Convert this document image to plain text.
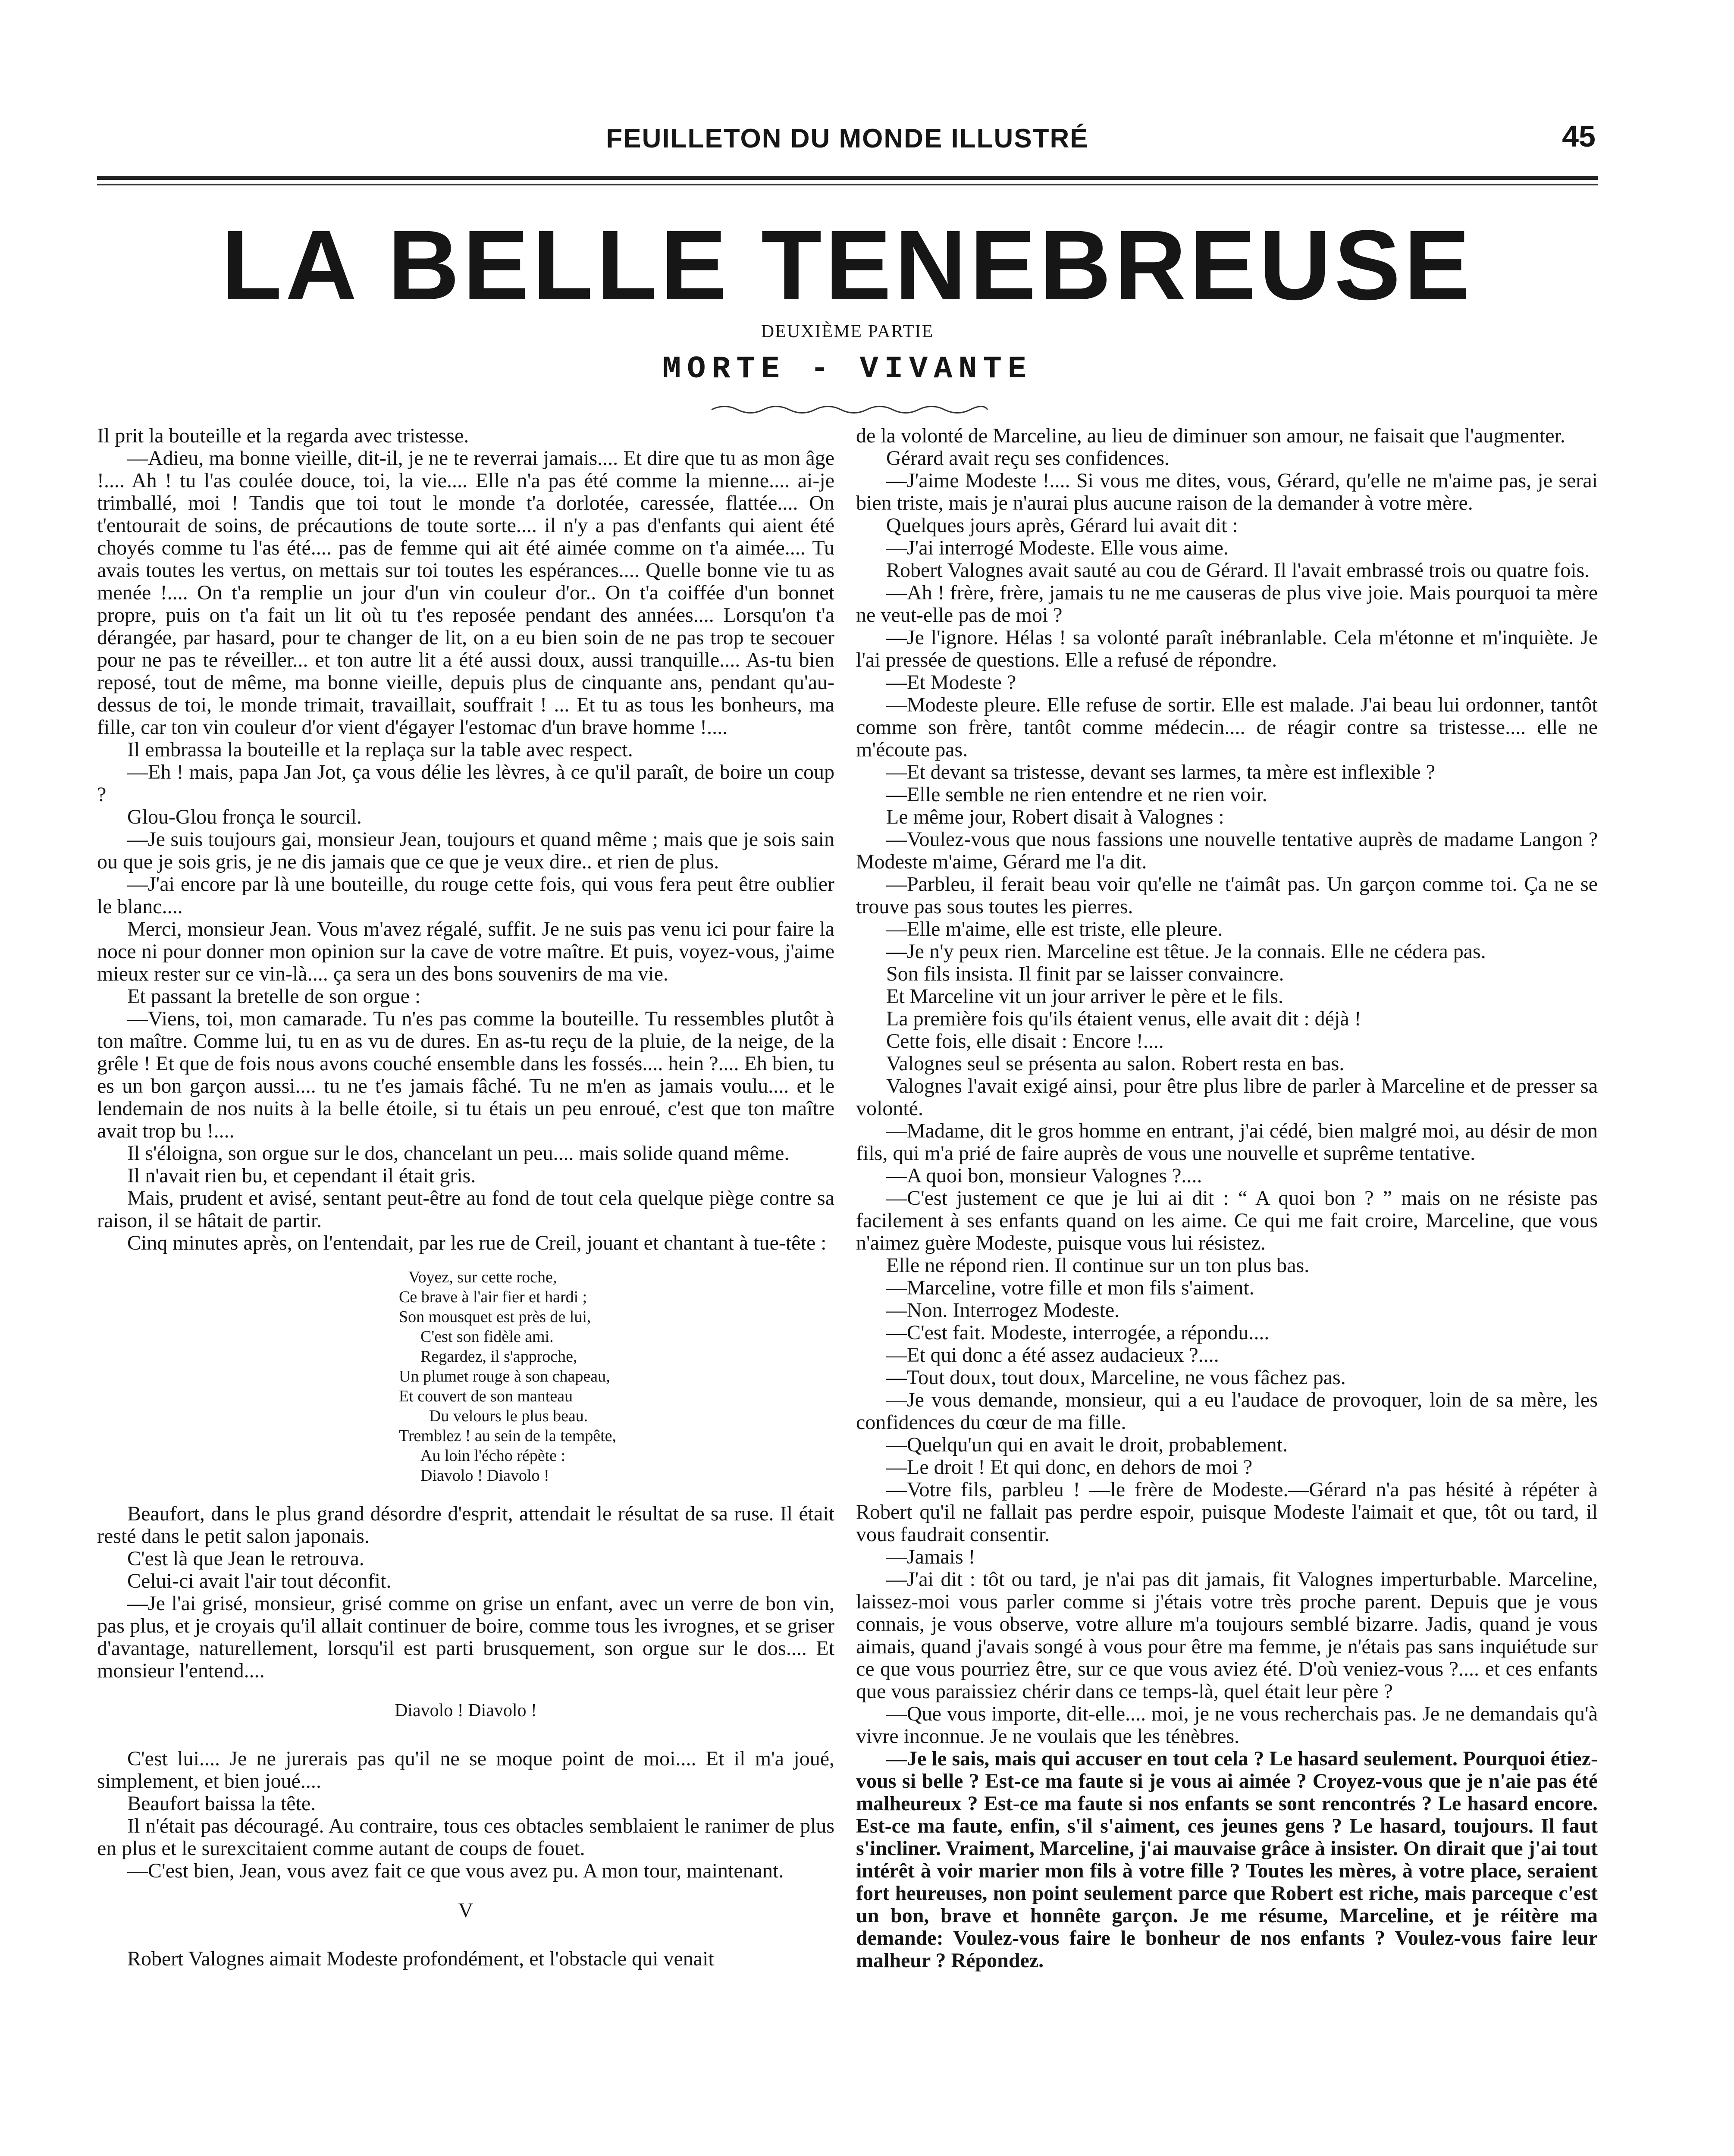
FEUILLETON DU MONDE ILLUSTRÉ	45
LA BELLE TENEBREUSE
DEUXIÈME PARTIE
MORTE - VIVANTE

Il prit la bouteille et la regarda avec tristesse.

—Adieu, ma bonne vieille, dit-il, je ne te reverrai jamais.... Et dire que tu as mon âge !.... Ah ! tu l'as coulée douce, toi, la vie.... Elle n'a pas été comme la mienne.... ai-je trimballé, moi ! Tandis que toi tout le monde t'a dorlotée, caressée, flattée.... On t'entourait de soins, de précautions de toute sorte.... il n'y a pas d'enfants qui aient été choyés comme tu l'as été.... pas de femme qui ait été aimée comme on t'a aimée.... Tu avais toutes les vertus, on mettais sur toi toutes les espérances.... Quelle bonne vie tu as menée !.... On t'a remplie un jour d'un vin couleur d'or.. On t'a coiffée d'un bonnet propre, puis on t'a fait un lit où tu t'es reposée pendant des années.... Lorsqu'on t'a dérangée, par hasard, pour te changer de lit, on a eu bien soin de ne pas trop te secouer pour ne pas te réveiller... et ton autre lit a été aussi doux, aussi tranquille.... As-tu bien reposé, tout de même, ma bonne vieille, depuis plus de cinquante ans, pendant qu'au-dessus de toi, le monde trimait, travaillait, souffrait ! ... Et tu as tous les bonheurs, ma fille, car ton vin couleur d'or vient d'égayer l'estomac d'un brave homme !....

Il embrassa la bouteille et la replaça sur la table avec respect.

—Eh ! mais, papa Jan Jot, ça vous délie les lèvres, à ce qu'il paraît, de boire un coup ?

Glou-Glou fronça le sourcil.

—Je suis toujours gai, monsieur Jean, toujours et quand même ; mais que je sois sain ou que je sois gris, je ne dis jamais que ce que je veux dire.. et rien de plus.

—J'ai encore par là une bouteille, du rouge cette fois, qui vous fera peut être oublier le blanc....

Merci, monsieur Jean. Vous m'avez régalé, suffit. Je ne suis pas venu ici pour faire la noce ni pour donner mon opinion sur la cave de votre maître. Et puis, voyez-vous, j'aime mieux rester sur ce vin-là.... ça sera un des bons souvenirs de ma vie.

Et passant la bretelle de son orgue :

—Viens, toi, mon camarade. Tu n'es pas comme la bouteille. Tu ressembles plutôt à ton maître. Comme lui, tu en as vu de dures. En as-tu reçu de la pluie, de la neige, de la grêle ! Et que de fois nous avons couché ensemble dans les fossés.... hein ?.... Eh bien, tu es un bon garçon aussi.... tu ne t'es jamais fâché. Tu ne m'en as jamais voulu.... et le lendemain de nos nuits à la belle étoile, si tu étais un peu enroué, c'est que ton maître avait trop bu !....

Il s'éloigna, son orgue sur le dos, chancelant un peu.... mais solide quand même.

Il n'avait rien bu, et cependant il était gris.

Mais, prudent et avisé, sentant peut-être au fond de tout cela quelque piège contre sa raison, il se hâtait de partir.

Cinq minutes après, on l'entendait, par les rue de Creil, jouant et chantant à tue-tête :

Voyez, sur cette roche,
Ce brave à l'air fier et hardi ;
Son mousquet est près de lui,
C'est son fidèle ami.
Regardez, il s'approche,
Un plumet rouge à son chapeau,
Et couvert de son manteau
Du velours le plus beau.
Tremblez ! au sein de la tempête,
Au loin l'écho répète :
Diavolo ! Diavolo !

Beaufort, dans le plus grand désordre d'esprit, attendait le résultat de sa ruse. Il était resté dans le petit salon japonais.

C'est là que Jean le retrouva.

Celui-ci avait l'air tout déconfit.

—Je l'ai grisé, monsieur, grisé comme on grise un enfant, avec un verre de bon vin, pas plus, et je croyais qu'il allait continuer de boire, comme tous les ivrognes, et se griser d'avantage, naturellement, lorsqu'il est parti brusquement, son orgue sur le dos.... Et monsieur l'entend....

Diavolo ! Diavolo !

C'est lui.... Je ne jurerais pas qu'il ne se moque point de moi.... Et il m'a joué, simplement, et bien joué....

Beaufort baissa la tête.

Il n'était pas découragé. Au contraire, tous ces obtacles semblaient le ranimer de plus en plus et le surexcitaient comme autant de coups de fouet.

—C'est bien, Jean, vous avez fait ce que vous avez pu. A mon tour, maintenant.

V

Robert Valognes aimait Modeste profondément, et l'obstacle qui venait

de la volonté de Marceline, au lieu de diminuer son amour, ne faisait que l'augmenter.

Gérard avait reçu ses confidences.

—J'aime Modeste !.... Si vous me dites, vous, Gérard, qu'elle ne m'aime pas, je serai bien triste, mais je n'aurai plus aucune raison de la demander à votre mère.

Quelques jours après, Gérard lui avait dit :

—J'ai interrogé Modeste. Elle vous aime.

Robert Valognes avait sauté au cou de Gérard. Il l'avait embrassé trois ou quatre fois.

—Ah ! frère, frère, jamais tu ne me causeras de plus vive joie. Mais pourquoi ta mère ne veut-elle pas de moi ?

—Je l'ignore. Hélas ! sa volonté paraît inébranlable. Cela m'étonne et m'inquiète. Je l'ai pressée de questions. Elle a refusé de répondre.

—Et Modeste ?

—Modeste pleure. Elle refuse de sortir. Elle est malade. J'ai beau lui ordonner, tantôt comme son frère, tantôt comme médecin.... de réagir contre sa tristesse.... elle ne m'écoute pas.

—Et devant sa tristesse, devant ses larmes, ta mère est inflexible ?

—Elle semble ne rien entendre et ne rien voir.

Le même jour, Robert disait à Valognes :

—Voulez-vous que nous fassions une nouvelle tentative auprès de madame Langon ? Modeste m'aime, Gérard me l'a dit.

—Parbleu, il ferait beau voir qu'elle ne t'aimât pas. Un garçon comme toi. Ça ne se trouve pas sous toutes les pierres.

—Elle m'aime, elle est triste, elle pleure.

—Je n'y peux rien. Marceline est têtue. Je la connais. Elle ne cédera pas.

Son fils insista. Il finit par se laisser convaincre.

Et Marceline vit un jour arriver le père et le fils.

La première fois qu'ils étaient venus, elle avait dit : déjà !

Cette fois, elle disait : Encore !....

Valognes seul se présenta au salon. Robert resta en bas.

Valognes l'avait exigé ainsi, pour être plus libre de parler à Marceline et de presser sa volonté.

—Madame, dit le gros homme en entrant, j'ai cédé, bien malgré moi, au désir de mon fils, qui m'a prié de faire auprès de vous une nouvelle et suprême tentative.

—A quoi bon, monsieur Valognes ?....

—C'est justement ce que je lui ai dit : “ A quoi bon ? ” mais on ne résiste pas facilement à ses enfants quand on les aime. Ce qui me fait croire, Marceline, que vous n'aimez guère Modeste, puisque vous lui résistez.

Elle ne répond rien. Il continue sur un ton plus bas.

—Marceline, votre fille et mon fils s'aiment.

—Non. Interrogez Modeste.

—C'est fait. Modeste, interrogée, a répondu....

—Et qui donc a été assez audacieux ?....

—Tout doux, tout doux, Marceline, ne vous fâchez pas.

—Je vous demande, monsieur, qui a eu l'audace de provoquer, loin de sa mère, les confidences du cœur de ma fille.

—Quelqu'un qui en avait le droit, probablement.

—Le droit ! Et qui donc, en dehors de moi ?

—Votre fils, parbleu ! —le frère de Modeste.—Gérard n'a pas hésité à répéter à Robert qu'il ne fallait pas perdre espoir, puisque Modeste l'aimait et que, tôt ou tard, il vous faudrait consentir.

—Jamais !

—J'ai dit : tôt ou tard, je n'ai pas dit jamais, fit Valognes imperturbable. Marceline, laissez-moi vous parler comme si j'étais votre très proche parent. Depuis que je vous connais, je vous observe, votre allure m'a toujours semblé bizarre. Jadis, quand je vous aimais, quand j'avais songé à vous pour être ma femme, je n'étais pas sans inquiétude sur ce que vous pourriez être, sur ce que vous aviez été. D'où veniez-vous ?.... et ces enfants que vous paraissiez chérir dans ce temps-là, quel était leur père ?

—Que vous importe, dit-elle.... moi, je ne vous recherchais pas. Je ne demandais qu'à vivre inconnue. Je ne voulais que les ténèbres.

—Je le sais, mais qui accuser en tout cela ? Le hasard seulement. Pourquoi étiez-vous si belle ? Est-ce ma faute si je vous ai aimée ? Croyez-vous que je n'aie pas été malheureux ? Est-ce ma faute si nos enfants se sont rencontrés ? Le hasard encore. Est-ce ma faute, enfin, s'il s'aiment, ces jeunes gens ? Le hasard, toujours. Il faut s'incliner. Vraiment, Marceline, j'ai mauvaise grâce à insister. On dirait que j'ai tout intérêt à voir marier mon fils à votre fille ? Toutes les mères, à votre place, seraient fort heureuses, non point seulement parce que Robert est riche, mais parceque c'est un bon, brave et honnête garçon. Je me résume, Marceline, et je réitère ma demande: Voulez-vous faire le bonheur de nos enfants ? Voulez-vous faire leur malheur ? Répondez.
